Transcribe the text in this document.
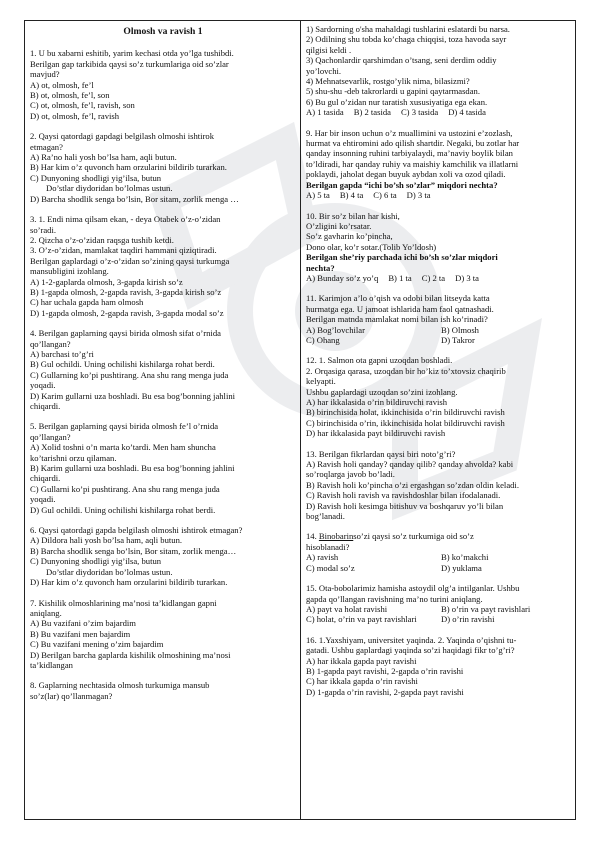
Olmosh va ravish 1
1. U bu xabarni eshitib, yarim kechasi otda yo’lga tushibdi.
Berilgan gap tarkibida qaysi so’z turkumlariga oid so’zlar
mavjud?
A) ot, olmosh, fe’l
B) ot, olmosh, fe’l, son
C) ot, olmosh, fe’l, ravish, son
D) ot, olmosh, fe’l, ravish
2. Qaysi qatordagi gapdagi belgilash olmoshi ishtirok
etmagan?
A) Ra’no hali yosh bo’lsa ham, aqli butun.
B) Har kim o’z quvonch ham orzularini bildirib turarkan.
C) Dunyoning shodligi yig’ilsa, butun
Do’stlar diydoridan bo’lolmas ustun.
D) Barcha shodlik senga bo’lsin, Bor sitam, zorlik menga …
3. 1. Endi nima qilsam ekan, - deya Otabek o’z-o’zidan
so’radi.
2. Qizcha o’z-o’zidan raqsga tushib ketdi.
3. O’z-o’zidan, mamlakat taqdiri hammani qiziqtiradi.
Berilgan gaplardagi o’z-o’zidan so’zining qaysi turkumga
mansubligini izohlang.
A) 1-2-gaplarda olmosh, 3-gapda kirish so’z
B) 1-gapda olmosh, 2-gapda ravish, 3-gapda kirish so’z
C) har uchala gapda ham olmosh
D) 1-gapda olmosh, 2-gapda ravish, 3-gapda modal so’z
4. Berilgan gaplarning qaysi birida olmosh sifat o’rnida
qo’llangan?
A) barchasi to’g’ri
B) Gul ochildi. Uning ochilishi kishilarga rohat berdi.
C) Gullarning ko’pi pushtirang. Ana shu rang menga juda
yoqadi.
D) Karim gullarni uza boshladi. Bu esa bog’bonning jahlini
chiqardi.
5. Berilgan gaplarning qaysi birida olmosh fe’l o’rnida
qo’llangan?
A) Xolid toshni o’n marta ko’tardi. Men ham shuncha
ko’tarishni orzu qilaman.
B) Karim gullarni uza boshladi. Bu esa bog’bonning jahlini
chiqardi.
C) Gullarni ko’pi pushtirang. Ana shu rang menga juda
yoqadi.
D) Gul ochildi. Uning ochilishi kishilarga rohat berdi.
6. Qaysi qatordagi gapda belgilash olmoshi ishtirok etmagan?
A) Dildora hali yosh bo’lsa ham, aqli butun.
B) Barcha shodlik senga bo’lsin, Bor sitam, zorlik menga…
C) Dunyoning shodligi yig’ilsa, butun
Do’stlar diydoridan bo’lolmas ustun.
D) Har kim o’z quvonch ham orzularini bildirib turarkan.
7. Kishilik olmoshlarining ma’nosi ta’kidlangan gapni
aniqlang.
A) Bu vazifani o’zim bajardim
B) Bu vazifani men bajardim
C) Bu vazifani mening o’zim bajardim
D) Berilgan barcha gaplarda kishilik olmoshining ma’nosi
ta’kidlangan
8. Gaplarning nechtasida olmosh turkumiga mansub
so’z(lar) qo’llanmagan?
1) Sardorning o'sha mahaldagi tushlarini eslatardi bu narsa.
2) Odilning shu tobda ko’chaga chiqqisi, toza havoda sayr
qilgisi keldi .
3) Qachonlardir qarshimdan o’tsang, seni derdim oddiy
yo’lovchi.
4) Mehnatsevarlik, rostgo’ylik nima, bilasizmi?
5) shu-shu -deb takrorlardi u gapini qaytarmasdan.
6) Bu gul o’zidan nur taratish xususiyatiga ega ekan.
A) 1 tasida B) 2 tasida C) 3 tasida D) 4 tasida
9. Har bir inson uchun o’z muallimini va ustozini e’zozlash,
hurmat va ehtiromini ado qilish shartdir. Negaki, bu zotlar har
qanday insonning ruhini tarbiyalaydi, ma’naviy boylik bilan
to’ldiradi, har qanday ruhiy va maishiy kamchilik va illatlarni
poklaydi, jaholat degan buyuk aybdan xoli va ozod qiladi.
Berilgan gapda “ichi bo’sh so’zlar” miqdori nechta?
A) 5 ta B) 4 ta C) 6 ta D) 3 ta
10. Bir so’z bilan har kishi,
O’zligini ko’rsatar.
So’z gavharin ko’pincha,
Dono olar, ko’r sotar.(Tolib Yo’ldosh)
Berilgan she’riy parchada ichi bo’sh so’zlar miqdori
nechta?
A) Bunday so’z yo’q B) 1 ta C) 2 ta D) 3 ta
11. Karimjon a’lo o’qish va odobi bilan litseyda katta
hurmatga ega. U jamoat ishlarida ham faol qatnashadi.
Berilgan matnda mamlakat nomi bilan ish ko’rinadi?
A) Bog’lovchilar	B) Olmosh
C) Ohang	D) Takror
12. 1. Salmon ota gapni uzoqdan boshladi.
2. Orqasiga qarasa, uzoqdan bir ho’kiz to’xtovsiz chaqirib
kelyapti.
Ushbu gaplardagi uzoqdan so’zini izohlang.
A) har ikkalasida o’rin bildiruvchi ravish
B) birinchisida holat, ikkinchisida o’rin bildiruvchi ravish
C) birinchisida o’rin, ikkinchisida holat bildiruvchi ravish
D) har ikkalasida payt bildiruvchi ravish
13. Berilgan fikrlardan qaysi biri noto’g’ri?
A) Ravish holi qanday? qanday qilib? qanday ahvolda? kabi
so’roqlarga javob bo’ladi.
B) Ravish holi ko’pincha o’zi ergashgan so’zdan oldin keladi.
C) Ravish holi ravish va ravishdoshlar bilan ifodalanadi.
D) Ravish holi kesimga bitishuv va boshqaruv yo’li bilan
bog’lanadi.
14. Binobarinso’zi qaysi so’z turkumiga oid so’z
hisoblanadi?
A) ravish	B) ko’makchi
C) modal so’z	D) yuklama
15. Ota-bobolarimiz hamisha astoydil olg’a intilganlar. Ushbu
gapda qo’llangan ravishning ma’no turini aniqlang.
A) payt va holat ravishi	B) o’rin va payt ravishlari
C) holat, o’rin va payt ravishlari	D) o’rin ravishi
16. 1.Yaxshiyam, universitet yaqinda. 2. Yaqinda o’qishni tu-
gatadi. Ushbu gaplardagi yaqinda so’zi haqidagi fikr to’g’ri?
A) har ikkala gapda payt ravishi
B) 1-gapda payt ravishi, 2-gapda o’rin ravishi
C) har ikkala gapda o’rin ravishi
D) 1-gapda o’rin ravishi, 2-gapda payt ravishi
